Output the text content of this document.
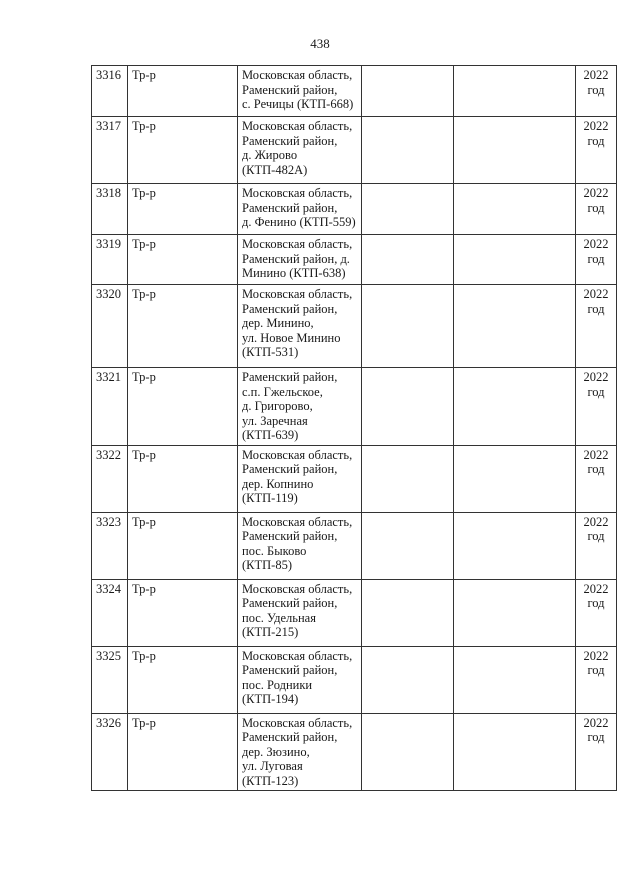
438
3316	Тр-р	Московская область,
Раменский район,
с. Речицы (КТП-668)			2022
год

3317	Тр-р	Московская область,
Раменский район,
д. Жирово
(КТП-482А)			2022
год

3318	Тр-р	Московская область,
Раменский район,
д. Фенино (КТП-559)			2022
год

3319	Тр-р	Московская область,
Раменский район, д.
Минино (КТП-638)			2022
год

3320	Тр-р	Московская область,
Раменский район,
дер. Минино,
ул. Новое Минино
(КТП-531)			2022
год

3321	Тр-р	Раменский район,
с.п. Гжельское,
д. Григорово,
ул. Заречная
(КТП-639)			2022
год

3322	Тр-р	Московская область,
Раменский район,
дер. Копнино
(КТП-119)			2022
год

3323	Тр-р	Московская область,
Раменский район,
пос. Быково
(КТП-85)			2022
год

3324	Тр-р	Московская область,
Раменский район,
пос. Удельная
(КТП-215)			2022
год

3325	Тр-р	Московская область,
Раменский район,
пос. Родники
(КТП-194)			2022
год

3326	Тр-р	Московская область,
Раменский район,
дер. Зюзино,
ул. Луговая
(КТП-123)			2022
год
